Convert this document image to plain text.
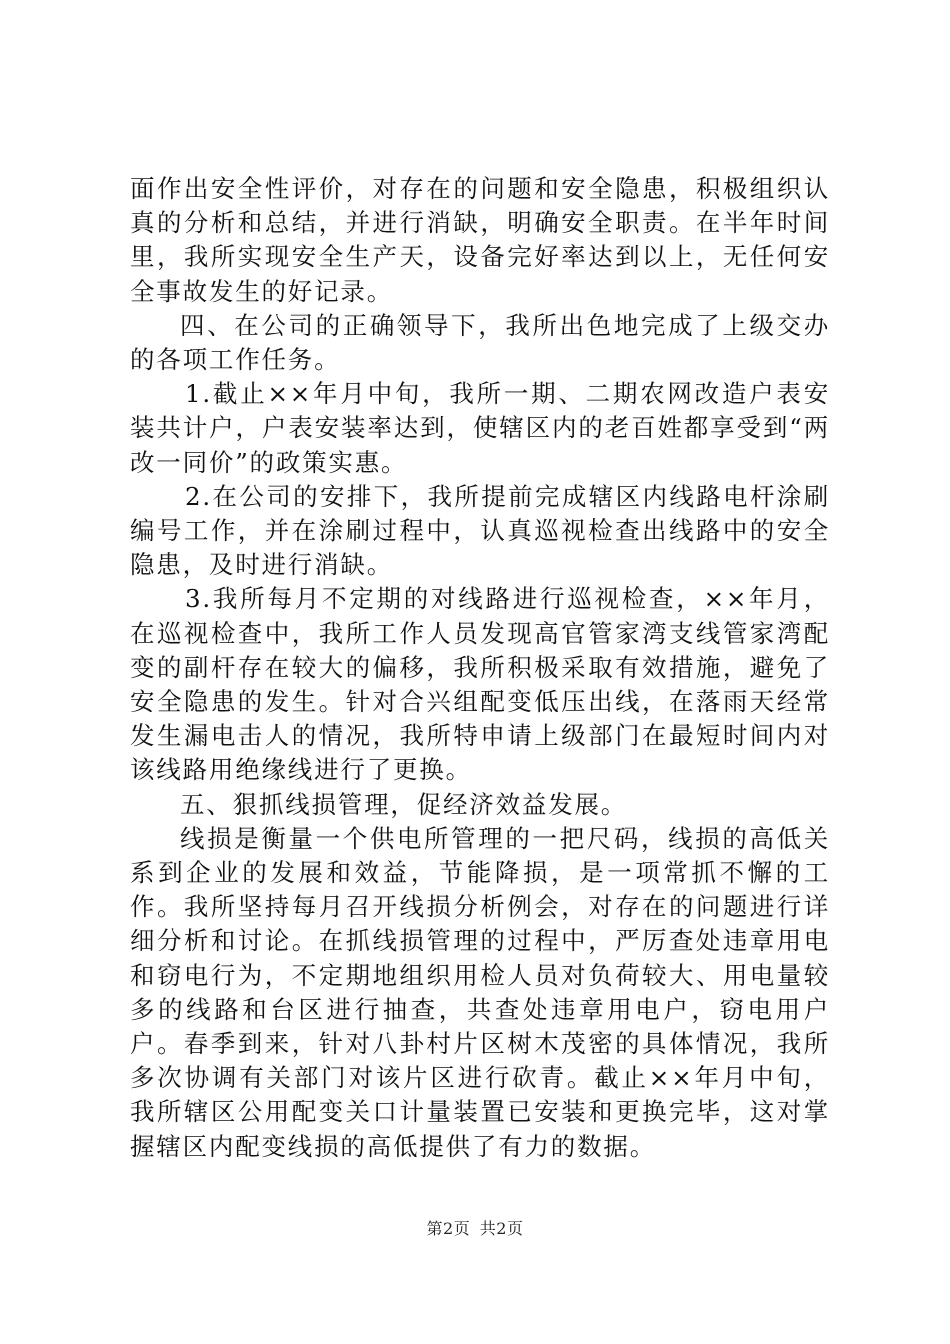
面作出安全性评价，对存在的问题和安全隐患，积极组织认真的分析和总结，并进行消缺，明确安全职责。在半年时间里，我所实现安全生产天，设备完好率达到以上，无任何安全事故发生的好记录。

四、在公司的正确领导下，我所出色地完成了上级交办的各项工作任务。

1.截止××年月中旬，我所一期、二期农网改造户表安装共计户，户表安装率达到，使辖区内的老百姓都享受到“两改一同价”的政策实惠。

2.在公司的安排下，我所提前完成辖区内线路电杆涂刷编号工作，并在涂刷过程中，认真巡视检查出线路中的安全隐患，及时进行消缺。

3.我所每月不定期的对线路进行巡视检查，××年月，在巡视检查中，我所工作人员发现高官管家湾支线管家湾配变的副杆存在较大的偏移，我所积极采取有效措施，避免了安全隐患的发生。针对合兴组配变低压出线，在落雨天经常发生漏电击人的情况，我所特申请上级部门在最短时间内对该线路用绝缘线进行了更换。

五、狠抓线损管理，促经济效益发展。

线损是衡量一个供电所管理的一把尺码，线损的高低关系到企业的发展和效益，节能降损，是一项常抓不懈的工作。我所坚持每月召开线损分析例会，对存在的问题进行详细分析和讨论。在抓线损管理的过程中，严厉查处违章用电和窃电行为，不定期地组织用检人员对负荷较大、用电量较多的线路和台区进行抽查，共查处违章用电户，窃电用户户。春季到来，针对八卦村片区树木茂密的具体情况，我所多次协调有关部门对该片区进行砍青。截止××年月中旬，我所辖区公用配变关口计量装置已安装和更换完毕，这对掌握辖区内配变线损的高低提供了有力的数据。

第2页 共2页
